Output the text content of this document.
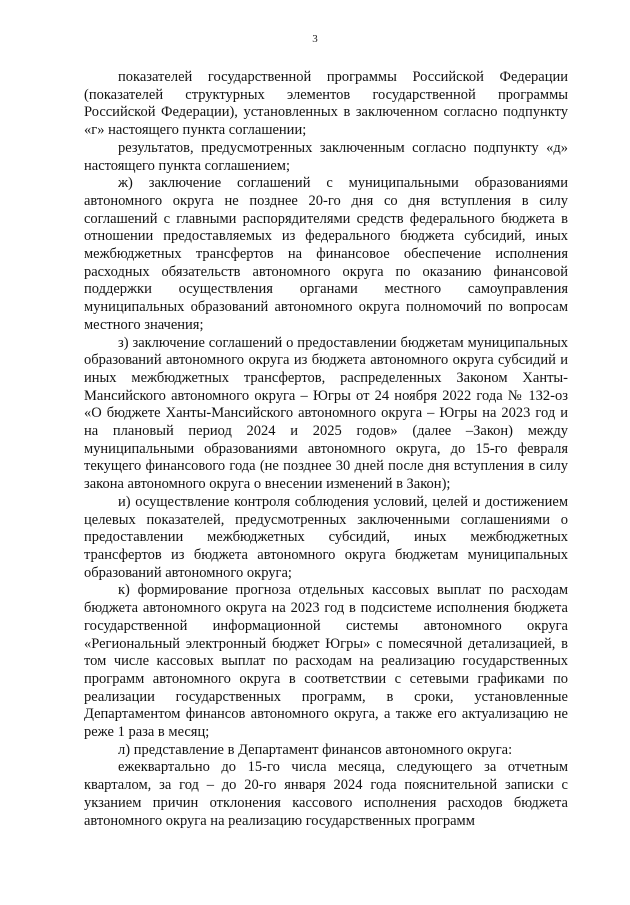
3

показателей государственной программы Российской Федерации (показателей структурных элементов государственной программы Российской Федерации), установленных в заключенном согласно подпункту «г» настоящего пункта соглашении;

результатов, предусмотренных заключенным согласно подпункту «д» настоящего пункта соглашением;

ж) заключение соглашений с муниципальными образованиями автономного округа не позднее 20-го дня со дня вступления в силу соглашений с главными распорядителями средств федерального бюджета в отношении предоставляемых из федерального бюджета субсидий, иных межбюджетных трансфертов на финансовое обеспечение исполнения расходных обязательств автономного округа по оказанию финансовой поддержки осуществления органами местного самоуправления муниципальных образований автономного округа полномочий по вопросам местного значения;

з) заключение соглашений о предоставлении бюджетам муниципальных образований автономного округа из бюджета автономного округа субсидий и иных межбюджетных трансфертов, распределенных Законом Ханты-Мансийского автономного округа – Югры от 24 ноября 2022 года № 132-оз «О бюджете Ханты-Мансийского автономного округа – Югры на 2023 год и на плановый период 2024 и 2025 годов» (далее –Закон) между муниципальными образованиями автономного округа, до 15-го февраля текущего финансового года (не позднее 30 дней после дня вступления в силу закона автономного округа о внесении изменений в Закон);

и) осуществление контроля соблюдения условий, целей и достижением целевых показателей, предусмотренных заключенными соглашениями о предоставлении межбюджетных субсидий, иных межбюджетных трансфертов из бюджета автономного округа бюджетам муниципальных образований автономного округа;

к) формирование прогноза отдельных кассовых выплат по расходам бюджета автономного округа на 2023 год в подсистеме исполнения бюджета государственной информационной системы автономного округа «Региональный электронный бюджет Югры» с помесячной детализацией, в том числе кассовых выплат по расходам на реализацию государственных программ автономного округа в соответствии с сетевыми графиками по реализации государственных программ, в сроки, установленные Департаментом финансов автономного округа, а также его актуализацию не реже 1 раза в месяц;

л) представление в Департамент финансов автономного округа:

ежеквартально до 15-го числа месяца, следующего за отчетным кварталом, за год – до 20-го января 2024 года пояснительной записки с укзанием причин отклонения кассового исполнения расходов бюджета автономного округа на реализацию государственных программ
